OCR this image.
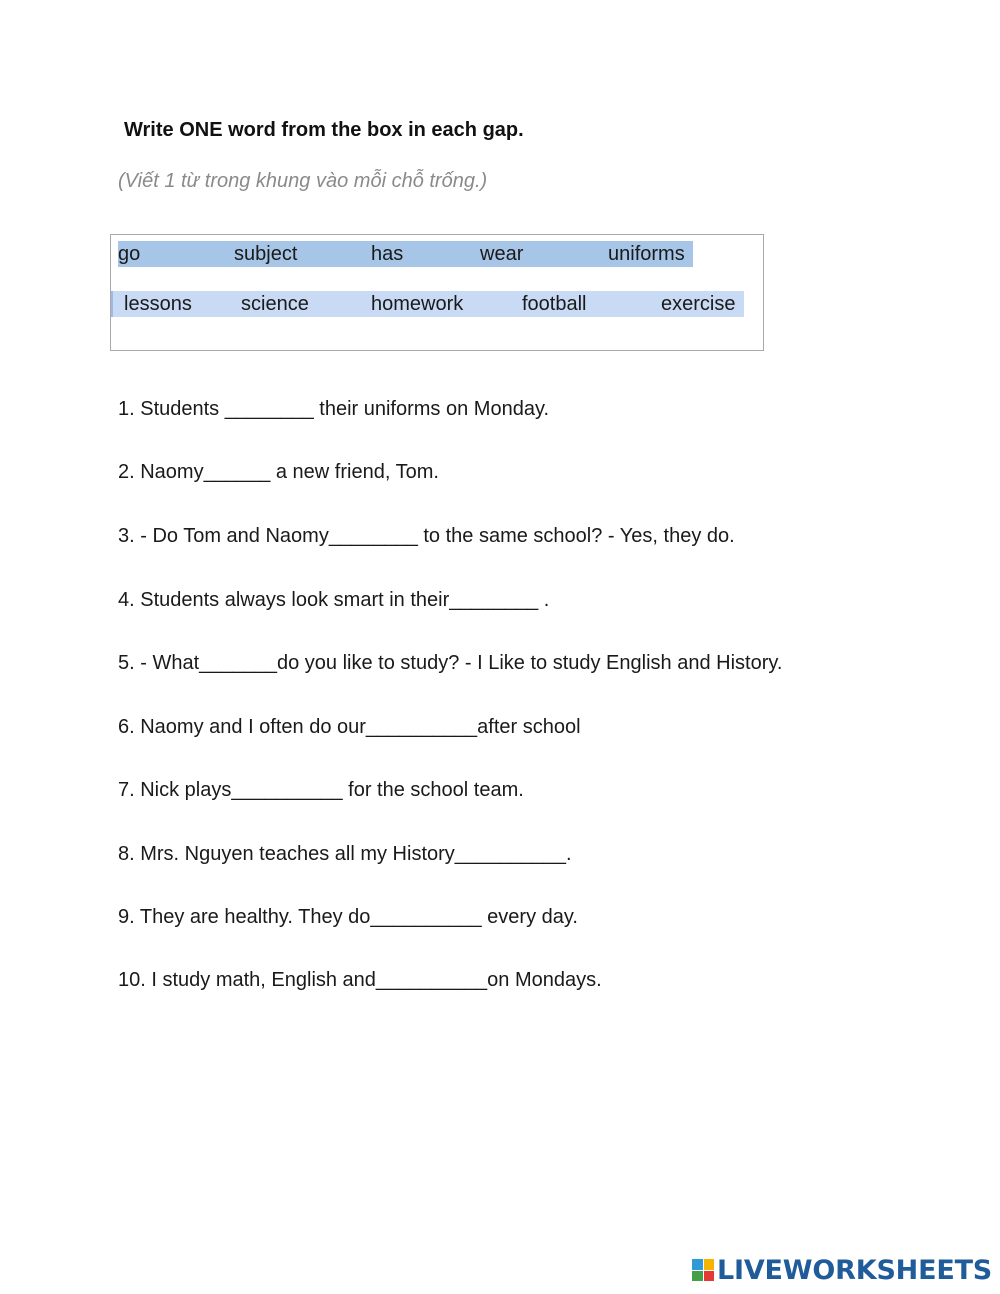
Write ONE word from the box in each gap.
(Viết 1 từ trong khung vào mỗi chỗ trống.)
go	subject	has	wear	uniforms
lessons science	homework	football	exercise
1. Students ________ their uniforms on Monday.
2. Naomy______ a new friend, Tom.
3. - Do Tom and Naomy________ to the same school? - Yes, they do.
4. Students always look smart in their________ .
5. - What_______do you like to study? - I Like to study English and History.
6. Naomy and I often do our__________after school
7. Nick plays__________ for the school team.
8. Mrs. Nguyen teaches all my History__________.
9. They are healthy. They do__________ every day.
10. I study math, English and__________on Mondays.
LIVEWORKSHEETS
